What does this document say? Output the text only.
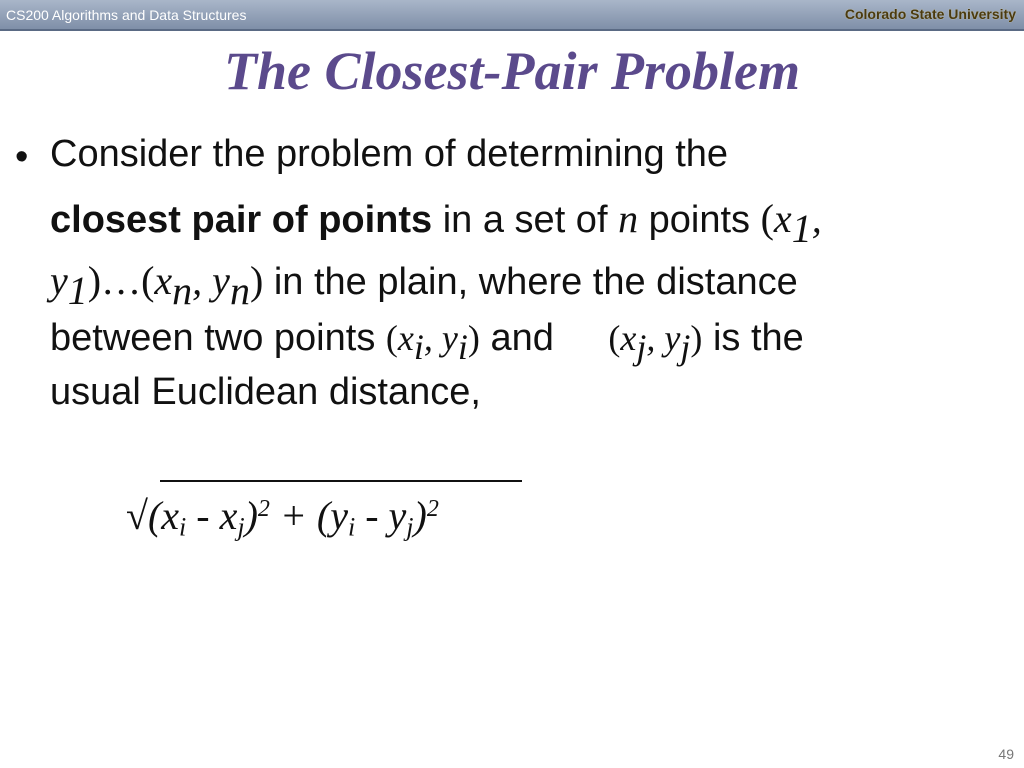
CS200 Algorithms and Data Structures	Colorado State University
The Closest-Pair Problem
• Consider the problem of determining the
closest pair of points in a set of n points ($x_1$,
$y_1)\dots(x_n$, $y_n$) in the plain, where the distance
between two points ($x_i$, $y_i$) and ($x_j$, $y_j$) is the
usual Euclidean distance,
$√(x_i - x_j)^2 + (y_i - y_j)^2$
49
